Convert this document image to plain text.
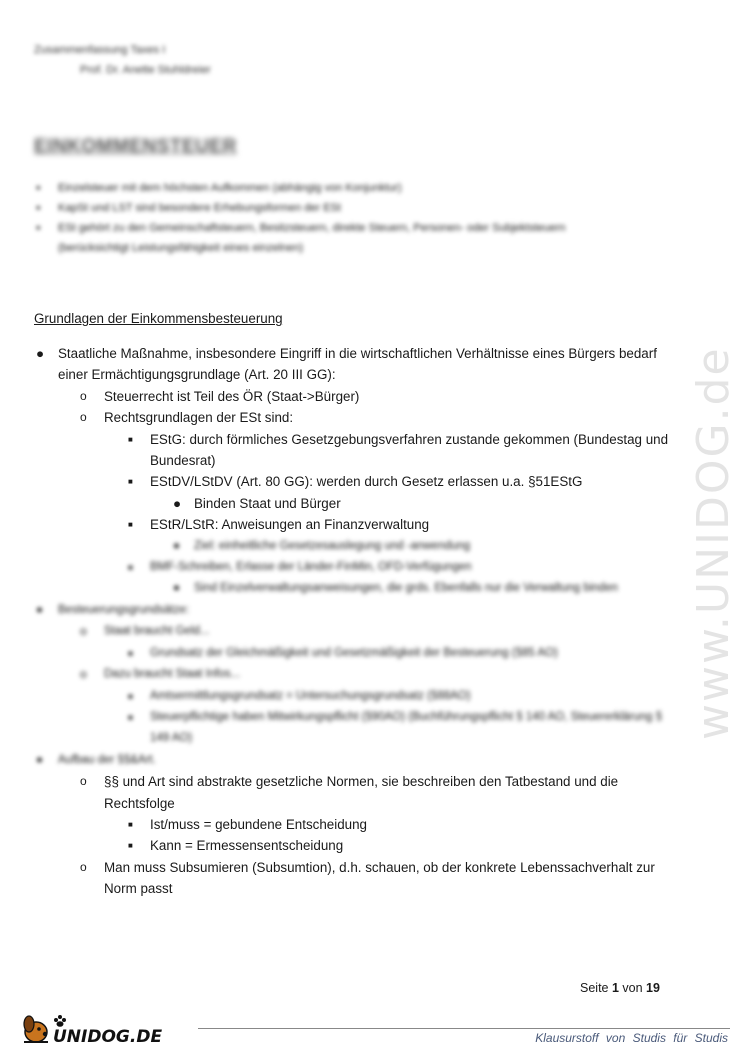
Zusammenfassung Taxes I
Prof. Dr. Anette Stuhldreier
EINKOMMENSTEUER
• Einzelsteuer mit dem höchsten Aufkommen (abhängig von Konjunktur)
• KapSt und LST sind besondere Erhebungsformen der ESt
• ESt gehört zu den Gemeinschaftsteuern, Besitzsteuern, direkte Steuern, Personen- oder Subjektsteuern (berücksichtigt Leistungsfähigkeit eines einzelnen)
Grundlagen der Einkommensbesteuerung
● Staatliche Maßnahme, insbesondere Eingriff in die wirtschaftlichen Verhältnisse eines Bürgers bedarf einer Ermächtigungsgrundlage (Art. 20 III GG):
o Steuerrecht ist Teil des ÖR (Staat->Bürger)
o Rechtsgrundlagen der ESt sind:
■ EStG: durch förmliches Gesetzgebungsverfahren zustande gekommen (Bundestag und Bundesrat)
■ EStDV/LStDV (Art. 80 GG): werden durch Gesetz erlassen u.a. §51EStG
● Binden Staat und Bürger
■ EStR/LStR: Anweisungen an Finanzverwaltung
● Ziel: einheitliche Gesetzesauslegung und -anwendung
■ BMF-Schreiben, Erlasse der Länder-FinMin, OFD-Verfügungen
● Sind Einzelverwaltungsanweisungen, die grds. Ebenfalls nur die Verwaltung binden
● Besteuerungsgrundsätze:
o Staat braucht Geld...
■ Grundsatz der Gleichmäßigkeit und Gesetzmäßigkeit der Besteuerung (§85 AO)
o Dazu braucht Staat Infos...
■ Amtsermittlungsgrundsatz = Untersuchungsgrundsatz (§88AO)
■ Steuerpflichtige haben Mitwirkungspflicht (§90AO) (Buchführungspflicht § 140 AO, Steuererklärung § 149 AO)
● Aufbau der §§&Art.
o §§ und Art sind abstrakte gesetzliche Normen, sie beschreiben den Tatbestand und die Rechtsfolge
■ Ist/muss = gebundene Entscheidung
■ Kann = Ermessensentscheidung
o Man muss Subsumieren (Subsumtion), d.h. schauen, ob der konkrete Lebenssachverhalt zur Norm passt
www.UNIDOG.de
Seite 1 von 19
UNIDOG.DE	Klausurstoff von Studis für Studis
